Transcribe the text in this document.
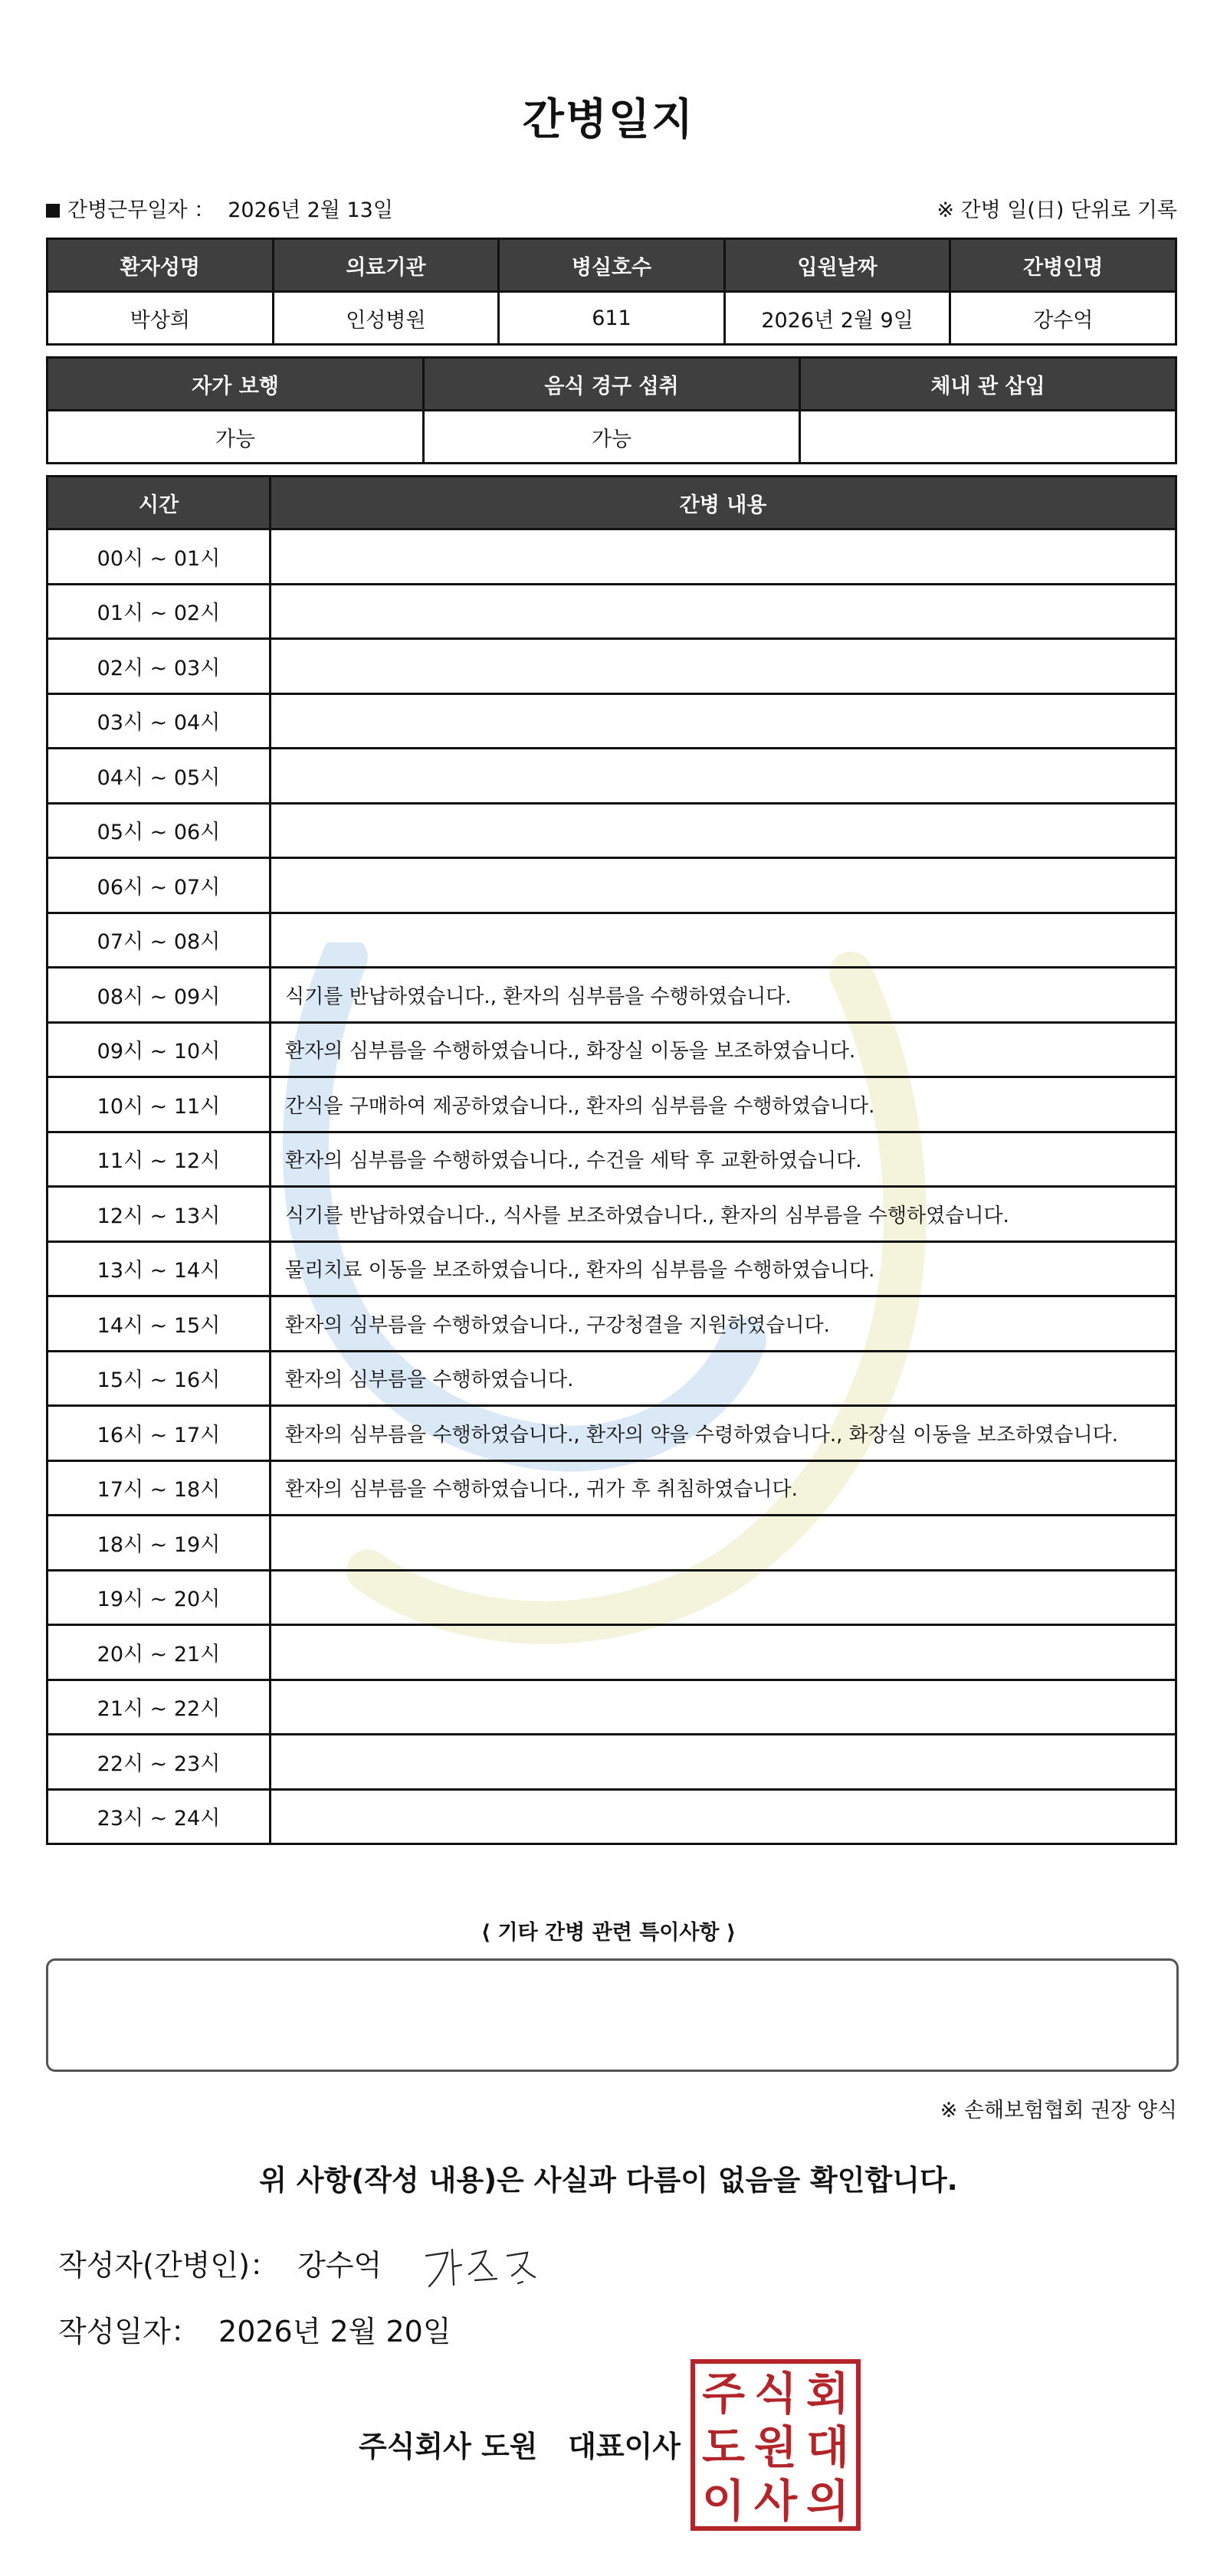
간병일지
간병근무일자 ： 2026년 2월 13일	※ 간병 일(日) 단위로 기록
환자성명	의료기관	병실호수	입원날짜	간병인명
박상희	인성병원	611	2026년 2월 9일	강수억
자가 보행	음식 경구 섭취	체내 관 삽입
가능	가능	
시간	간병 내용
00시 ~ 01시	
01시 ~ 02시	
02시 ~ 03시	
03시 ~ 04시	
04시 ~ 05시	
05시 ~ 06시	
06시 ~ 07시	
07시 ~ 08시	
08시 ~ 09시	식기를 반납하였습니다., 환자의 심부름을 수행하였습니다.
09시 ~ 10시	환자의 심부름을 수행하였습니다., 화장실 이동을 보조하였습니다.
10시 ~ 11시	간식을 구매하여 제공하였습니다., 환자의 심부름을 수행하였습니다.
11시 ~ 12시	환자의 심부름을 수행하였습니다., 수건을 세탁 후 교환하였습니다.
12시 ~ 13시	식기를 반납하였습니다., 식사를 보조하였습니다., 환자의 심부름을 수행하였습니다.
13시 ~ 14시	물리치료 이동을 보조하였습니다., 환자의 심부름을 수행하였습니다.
14시 ~ 15시	환자의 심부름을 수행하였습니다., 구강청결을 지원하였습니다.
15시 ~ 16시	환자의 심부름을 수행하였습니다.
16시 ~ 17시	환자의 심부름을 수행하였습니다., 환자의 약을 수령하였습니다., 화장실 이동을 보조하였습니다.
17시 ~ 18시	환자의 심부름을 수행하였습니다., 귀가 후 취침하였습니다.
18시 ~ 19시	
19시 ~ 20시	
20시 ~ 21시	
21시 ~ 22시	
22시 ~ 23시	
23시 ~ 24시	
⟨ 기타 간병 관련 특이사항 ⟩
※ 손해보험협회 권장 양식
위 사항(작성 내용)은 사실과 다름이 없음을 확인합니다.
작성자(간병인)： 강수억
작성일자： 2026년 2월 20일
주식회사 도원 대표이사
주 식 회
도 원 대
이 사 의
